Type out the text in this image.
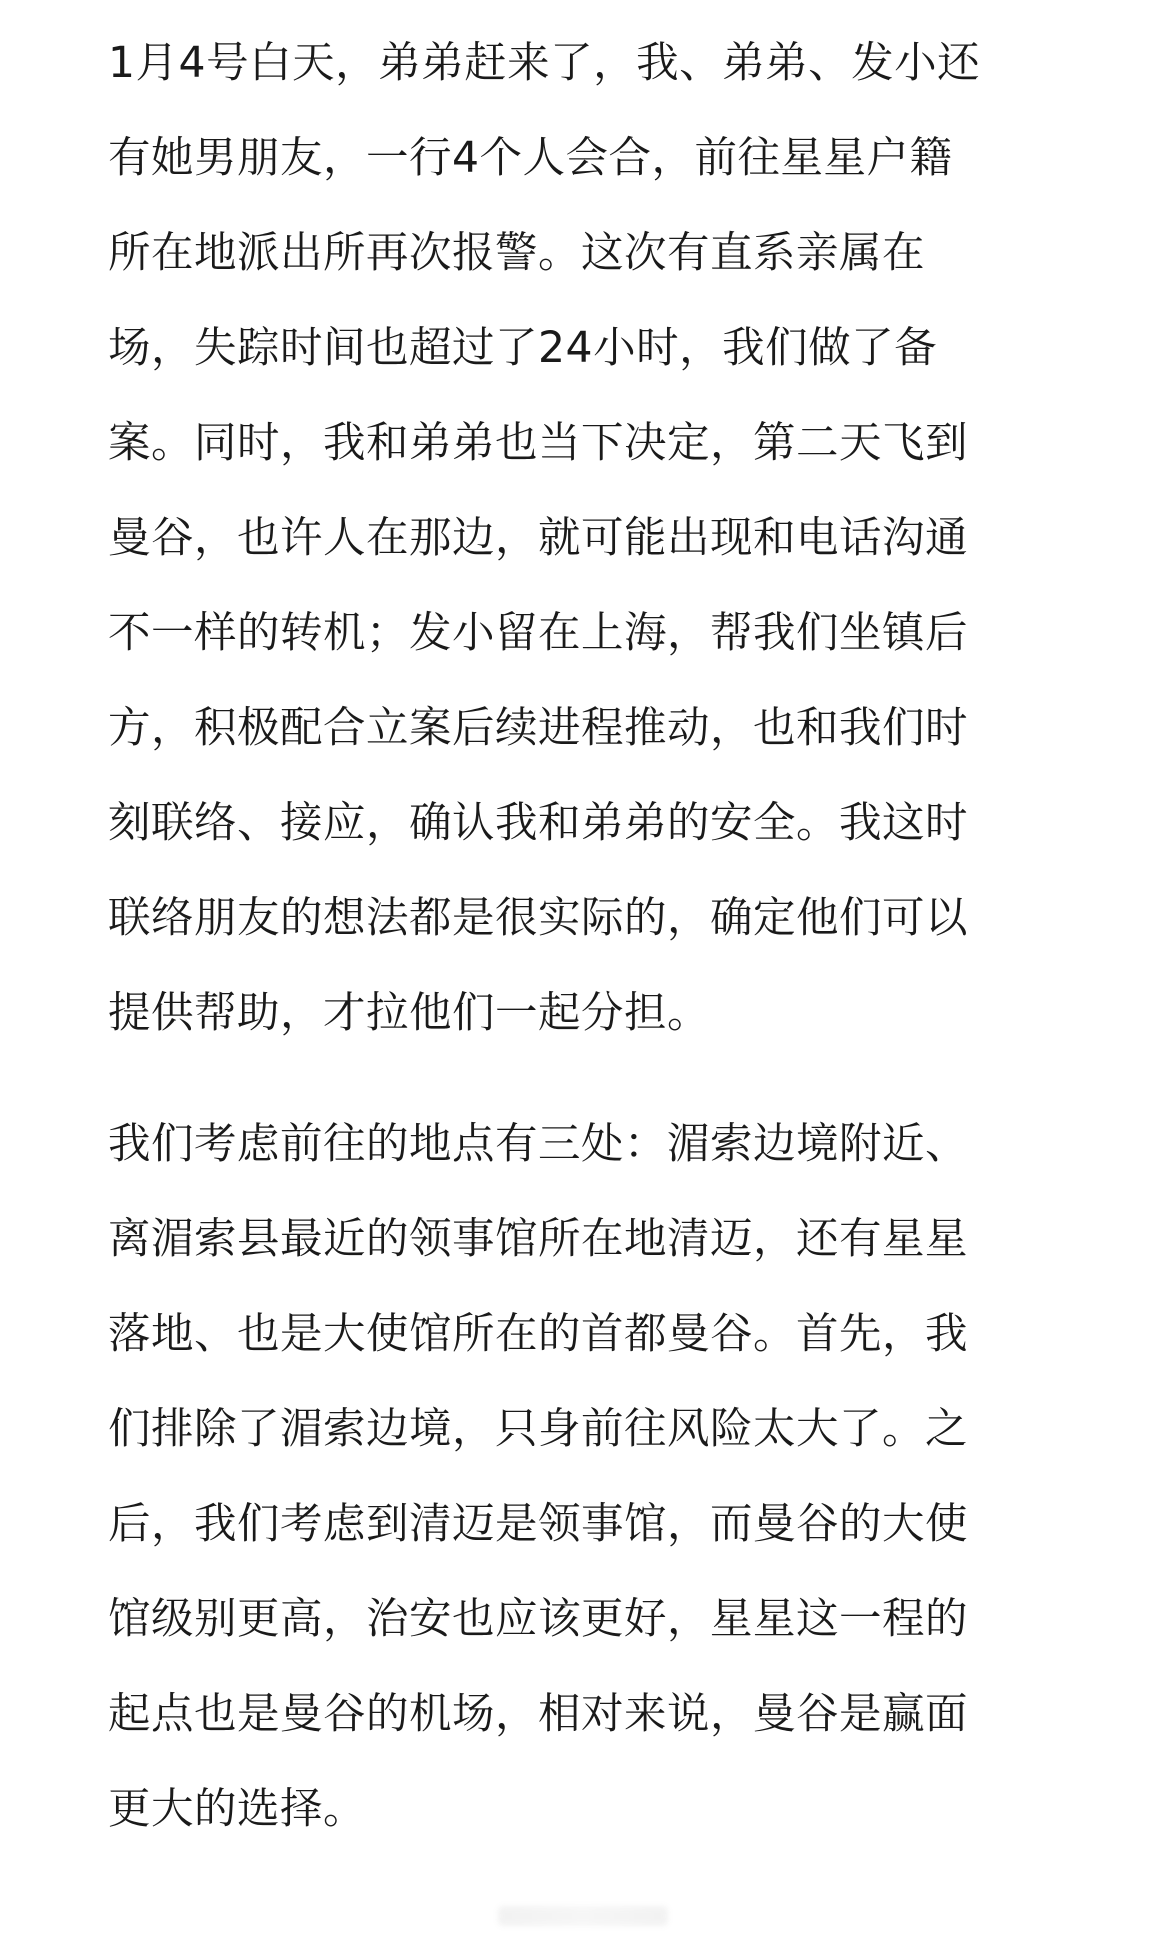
1月4号白天，弟弟赶来了，我、弟弟、发小还
有她男朋友，一行4个人会合，前往星星户籍
所在地派出所再次报警。这次有直系亲属在
场，失踪时间也超过了24小时，我们做了备
案。同时，我和弟弟也当下决定，第二天飞到
曼谷，也许人在那边，就可能出现和电话沟通
不一样的转机；发小留在上海，帮我们坐镇后
方，积极配合立案后续进程推动，也和我们时
刻联络、接应，确认我和弟弟的安全。我这时
联络朋友的想法都是很实际的，确定他们可以
提供帮助，才拉他们一起分担。
我们考虑前往的地点有三处：湄索边境附近、
离湄索县最近的领事馆所在地清迈，还有星星
落地、也是大使馆所在的首都曼谷。首先，我
们排除了湄索边境，只身前往风险太大了。之
后，我们考虑到清迈是领事馆，而曼谷的大使
馆级别更高，治安也应该更好，星星这一程的
起点也是曼谷的机场，相对来说，曼谷是赢面
更大的选择。
